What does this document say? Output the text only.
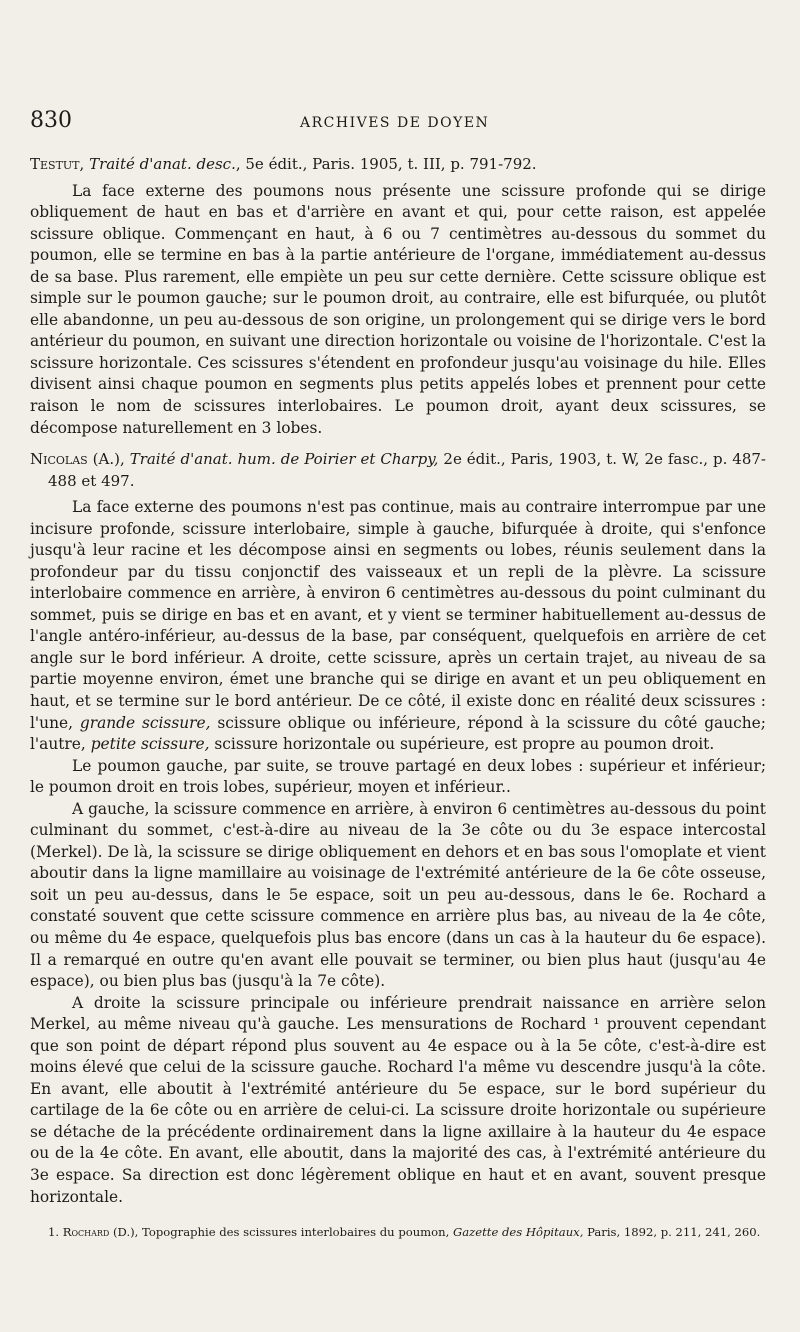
830	ARCHIVES DE DOYEN
Testut, Traité d'anat. desc., 5e édit., Paris. 1905, t. III, p. 791-792.

La face externe des poumons nous présente une scissure profonde qui se dirige obliquement de haut en bas et d'arrière en avant et qui, pour cette raison, est appelée scissure oblique. Commençant en haut, à 6 ou 7 centimètres au-dessous du sommet du poumon, elle se termine en bas à la partie antérieure de l'organe, immédiatement au-dessus de sa base. Plus rarement, elle empiète un peu sur cette dernière. Cette scissure oblique est simple sur le poumon gauche; sur le poumon droit, au contraire, elle est bifurquée, ou plutôt elle abandonne, un peu au-dessous de son origine, un prolongement qui se dirige vers le bord antérieur du poumon, en suivant une direction horizontale ou voisine de l'horizontale. C'est la scissure horizontale. Ces scissures s'étendent en profondeur jusqu'au voisinage du hile. Elles divisent ainsi chaque poumon en segments plus petits appelés lobes et prennent pour cette raison le nom de scissures interlobaires. Le poumon droit, ayant deux scissures, se décompose naturellement en 3 lobes.

Nicolas (A.), Traité d'anat. hum. de Poirier et Charpy, 2e édit., Paris, 1903, t. W, 2e fasc., p. 487-488 et 497.

La face externe des poumons n'est pas continue, mais au contraire interrompue par une incisure profonde, scissure interlobaire, simple à gauche, bifurquée à droite, qui s'enfonce jusqu'à leur racine et les décompose ainsi en segments ou lobes, réunis seulement dans la profondeur par du tissu conjonctif des vaisseaux et un repli de la plèvre. La scissure interlobaire commence en arrière, à environ 6 centimètres au-dessous du point culminant du sommet, puis se dirige en bas et en avant, et y vient se terminer habituellement au-dessus de l'angle antéro-inférieur, au-dessus de la base, par conséquent, quelquefois en arrière de cet angle sur le bord inférieur. A droite, cette scissure, après un certain trajet, au niveau de sa partie moyenne environ, émet une branche qui se dirige en avant et un peu obliquement en haut, et se termine sur le bord antérieur. De ce côté, il existe donc en réalité deux scissures : l'une, grande scissure, scissure oblique ou inférieure, répond à la scissure du côté gauche; l'autre, petite scissure, scissure horizontale ou supérieure, est propre au poumon droit.

Le poumon gauche, par suite, se trouve partagé en deux lobes : supérieur et inférieur; le poumon droit en trois lobes, supérieur, moyen et inférieur..

A gauche, la scissure commence en arrière, à environ 6 centimètres au-dessous du point culminant du sommet, c'est-à-dire au niveau de la 3e côte ou du 3e espace intercostal (Merkel). De là, la scissure se dirige obliquement en dehors et en bas sous l'omoplate et vient aboutir dans la ligne mamillaire au voisinage de l'extrémité antérieure de la 6e côte osseuse, soit un peu au-dessus, dans le 5e espace, soit un peu au-dessous, dans le 6e. Rochard a constaté souvent que cette scissure commence en arrière plus bas, au niveau de la 4e côte, ou même du 4e espace, quelquefois plus bas encore (dans un cas à la hauteur du 6e espace). Il a remarqué en outre qu'en avant elle pouvait se terminer, ou bien plus haut (jusqu'au 4e espace), ou bien plus bas (jusqu'à la 7e côte).

A droite la scissure principale ou inférieure prendrait naissance en arrière selon Merkel, au même niveau qu'à gauche. Les mensurations de Rochard ¹ prouvent cependant que son point de départ répond plus souvent au 4e espace ou à la 5e côte, c'est-à-dire est moins élevé que celui de la scissure gauche. Rochard l'a même vu descendre jusqu'à la côte. En avant, elle aboutit à l'extrémité antérieure du 5e espace, sur le bord supérieur du cartilage de la 6e côte ou en arrière de celui-ci. La scissure droite horizontale ou supérieure se détache de la précédente ordinairement dans la ligne axillaire à la hauteur du 4e espace ou de la 4e côte. En avant, elle aboutit, dans la majorité des cas, à l'extrémité antérieure du 3e espace. Sa direction est donc légèrement oblique en haut et en avant, souvent presque horizontale.

1. Rochard (D.), Topographie des scissures interlobaires du poumon, Gazette des Hôpitaux, Paris, 1892, p. 211, 241, 260.
